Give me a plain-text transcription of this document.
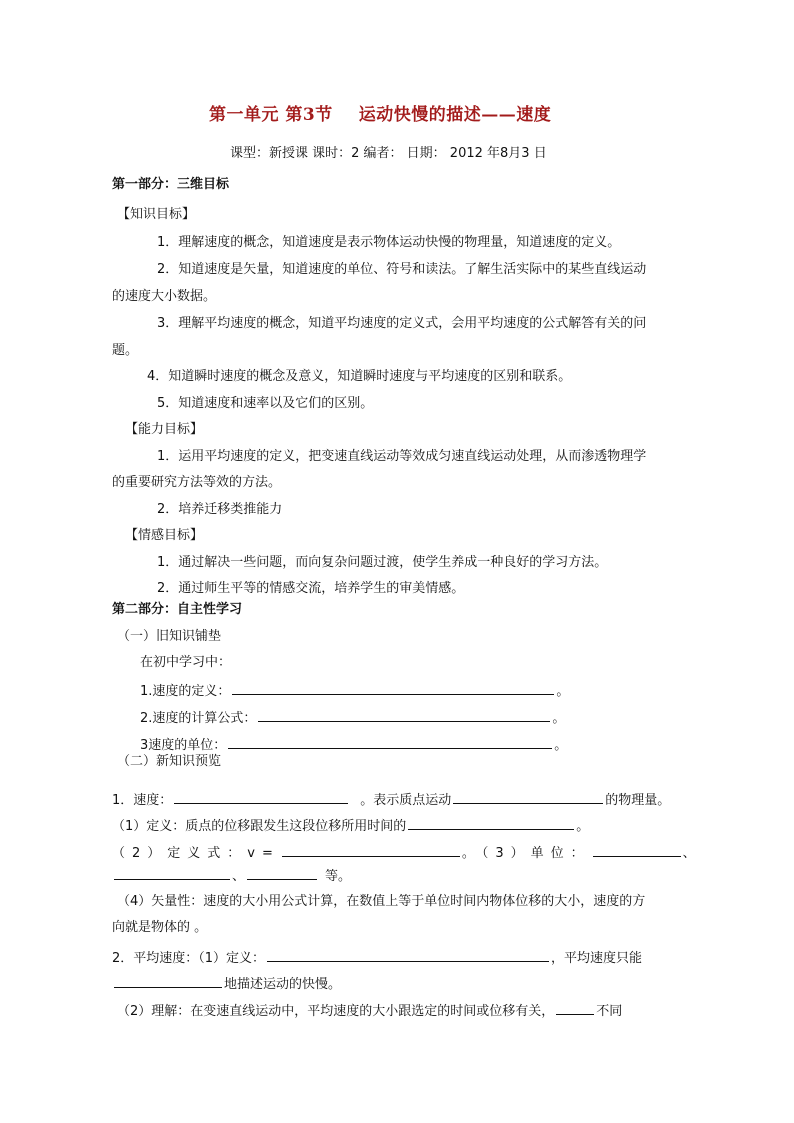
第一单元 第3节 运动快慢的描述——速度
课型：新授课 课时：2 编者： 日期： 2012 年8月3 日
第一部分：三维目标
【知识目标】
1．理解速度的概念，知道速度是表示物体运动快慢的物理量，知道速度的定义。
2．知道速度是矢量，知道速度的单位、符号和读法。了解生活实际中的某些直线运动
的速度大小数据。
3．理解平均速度的概念，知道平均速度的定义式，会用平均速度的公式解答有关的问
题。
4．知道瞬时速度的概念及意义，知道瞬时速度与平均速度的区别和联系。
5．知道速度和速率以及它们的区别。
【能力目标】
1．运用平均速度的定义，把变速直线运动等效成匀速直线运动处理，从而渗透物理学
的重要研究方法等效的方法。
2．培养迁移类推能力
【情感目标】
1．通过解决一些问题，而向复杂问题过渡，使学生养成一种良好的学习方法。
2．通过师生平等的情感交流，培养学生的审美情感。
第二部分：自主性学习
（一）旧知识铺垫
在初中学习中：
1.速度的定义：	。
2.速度的计算公式：	。
3速度的单位：	。
（二）新知识预览
1．速度：	。表示质点运动	的物理量。
（1）定义：质点的位移跟发生这段位移所用时间的	。
（2）定义式：v=	。（3）单位：	、
、	等。
（4）矢量性：速度的大小用公式计算，在数值上等于单位时间内物体位移的大小，速度的方
向就是物体的 。
2．平均速度：（1）定义：	，平均速度只能
地描述运动的快慢。
（2）理解：在变速直线运动中，平均速度的大小跟选定的时间或位移有关，	不同
